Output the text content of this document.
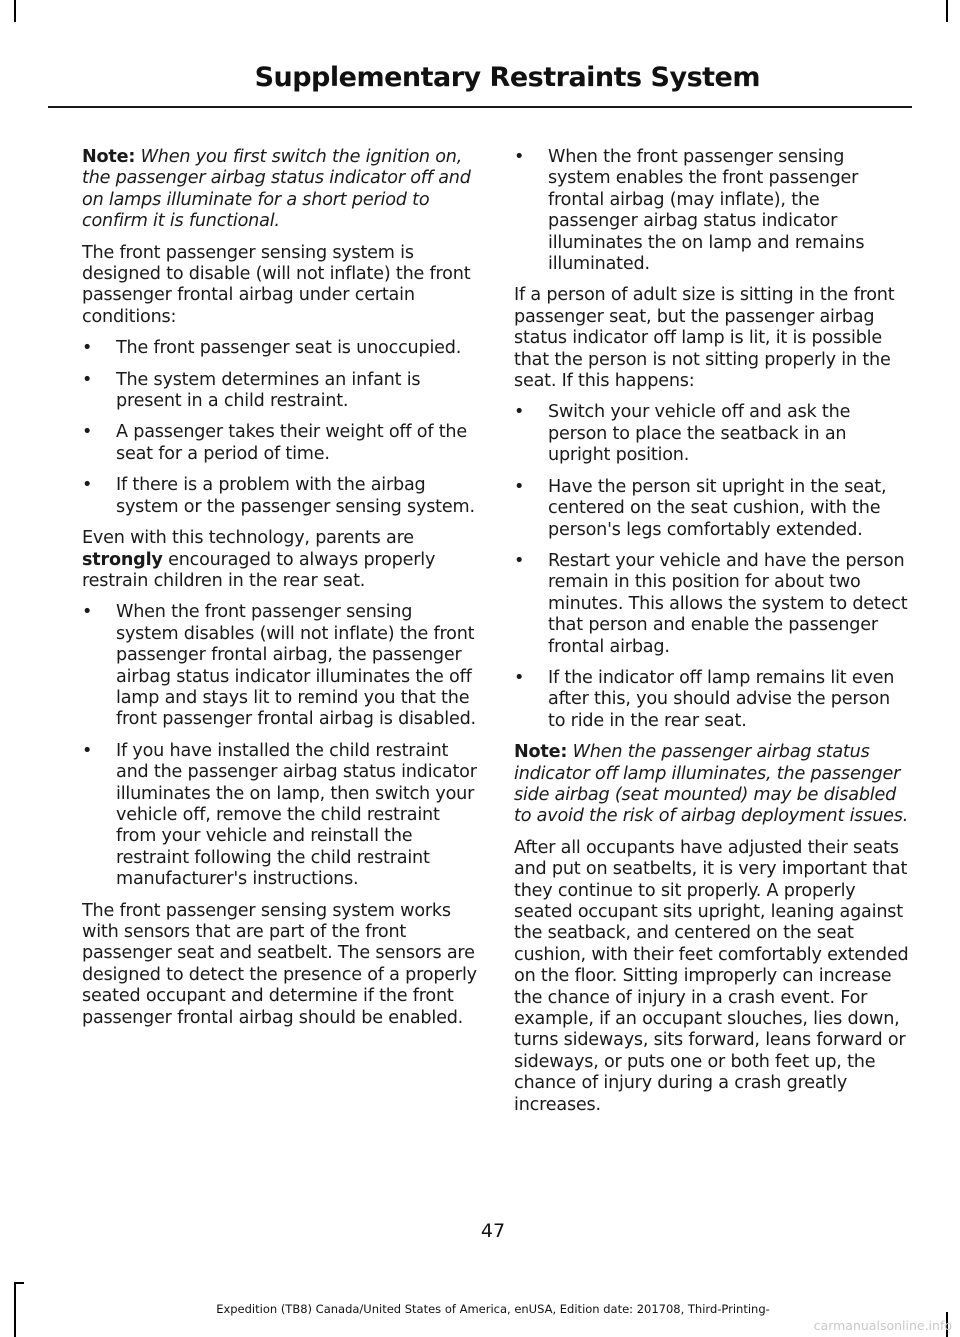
Supplementary Restraints System

Note: When you first switch the ignition on, the passenger airbag status indicator off and on lamps illuminate for a short period to confirm it is functional.

The front passenger sensing system is designed to disable (will not inflate) the front passenger frontal airbag under certain conditions:

•	The front passenger seat is unoccupied.
•	The system determines an infant is present in a child restraint.
•	A passenger takes their weight off of the seat for a period of time.
•	If there is a problem with the airbag system or the passenger sensing system.

Even with this technology, parents are strongly encouraged to always properly restrain children in the rear seat.

•	When the front passenger sensing system disables (will not inflate) the front passenger frontal airbag, the passenger airbag status indicator illuminates the off lamp and stays lit to remind you that the front passenger frontal airbag is disabled.
•	If you have installed the child restraint and the passenger airbag status indicator illuminates the on lamp, then switch your vehicle off, remove the child restraint from your vehicle and reinstall the restraint following the child restraint manufacturer's instructions.

The front passenger sensing system works with sensors that are part of the front passenger seat and seatbelt. The sensors are designed to detect the presence of a properly seated occupant and determine if the front passenger frontal airbag should be enabled.

•	When the front passenger sensing system enables the front passenger frontal airbag (may inflate), the passenger airbag status indicator illuminates the on lamp and remains illuminated.

If a person of adult size is sitting in the front passenger seat, but the passenger airbag status indicator off lamp is lit, it is possible that the person is not sitting properly in the seat. If this happens:

•	Switch your vehicle off and ask the person to place the seatback in an upright position.
•	Have the person sit upright in the seat, centered on the seat cushion, with the person's legs comfortably extended.
•	Restart your vehicle and have the person remain in this position for about two minutes. This allows the system to detect that person and enable the passenger frontal airbag.
•	If the indicator off lamp remains lit even after this, you should advise the person to ride in the rear seat.

Note: When the passenger airbag status indicator off lamp illuminates, the passenger side airbag (seat mounted) may be disabled to avoid the risk of airbag deployment issues.

After all occupants have adjusted their seats and put on seatbelts, it is very important that they continue to sit properly. A properly seated occupant sits upright, leaning against the seatback, and centered on the seat cushion, with their feet comfortably extended on the floor. Sitting improperly can increase the chance of injury in a crash event. For example, if an occupant slouches, lies down, turns sideways, sits forward, leans forward or sideways, or puts one or both feet up, the chance of injury during a crash greatly increases.

47
Expedition (TB8) Canada/United States of America, enUSA, Edition date: 201708, Third-Printing-
carmanualsonline.info
